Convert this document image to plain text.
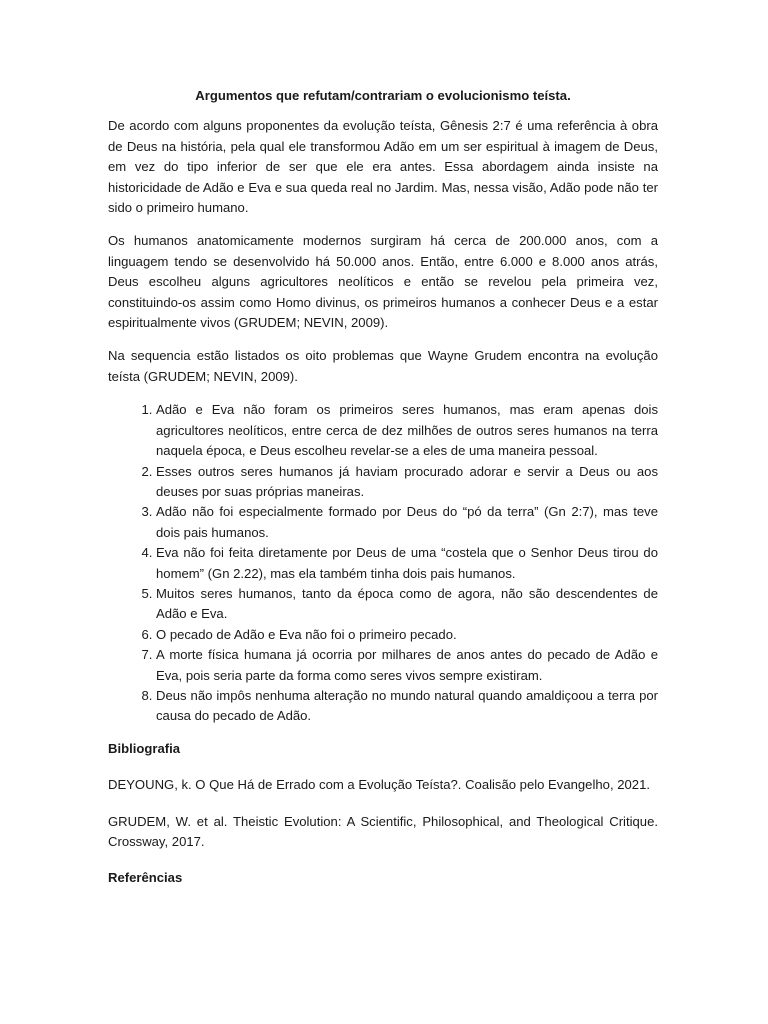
Argumentos que refutam/contrariam o evolucionismo teísta.

De acordo com alguns proponentes da evolução teísta, Gênesis 2:7 é uma referência à obra de Deus na história, pela qual ele transformou Adão em um ser espiritual à imagem de Deus, em vez do tipo inferior de ser que ele era antes. Essa abordagem ainda insiste na historicidade de Adão e Eva e sua queda real no Jardim. Mas, nessa visão, Adão pode não ter sido o primeiro humano.

Os humanos anatomicamente modernos surgiram há cerca de 200.000 anos, com a linguagem tendo se desenvolvido há 50.000 anos. Então, entre 6.000 e 8.000 anos atrás, Deus escolheu alguns agricultores neolíticos e então se revelou pela primeira vez, constituindo-os assim como Homo divinus, os primeiros humanos a conhecer Deus e a estar espiritualmente vivos (GRUDEM; NEVIN, 2009).

Na sequencia estão listados os oito problemas que Wayne Grudem encontra na evolução teísta (GRUDEM; NEVIN, 2009).

1. Adão e Eva não foram os primeiros seres humanos, mas eram apenas dois agricultores neolíticos, entre cerca de dez milhões de outros seres humanos na terra naquela época, e Deus escolheu revelar-se a eles de uma maneira pessoal.
2. Esses outros seres humanos já haviam procurado adorar e servir a Deus ou aos deuses por suas próprias maneiras.
3. Adão não foi especialmente formado por Deus do “pó da terra” (Gn 2:7), mas teve dois pais humanos.
4. Eva não foi feita diretamente por Deus de uma “costela que o Senhor Deus tirou do homem” (Gn 2.22), mas ela também tinha dois pais humanos.
5. Muitos seres humanos, tanto da época como de agora, não são descendentes de Adão e Eva.
6. O pecado de Adão e Eva não foi o primeiro pecado.
7. A morte física humana já ocorria por milhares de anos antes do pecado de Adão e Eva, pois seria parte da forma como seres vivos sempre existiram.
8. Deus não impôs nenhuma alteração no mundo natural quando amaldiçoou a terra por causa do pecado de Adão.
Bibliografia

DEYOUNG, k. O Que Há de Errado com a Evolução Teísta?. Coalisão pelo Evangelho, 2021.

GRUDEM, W. et al. Theistic Evolution: A Scientific, Philosophical, and Theological Critique. Crossway, 2017.

Referências
